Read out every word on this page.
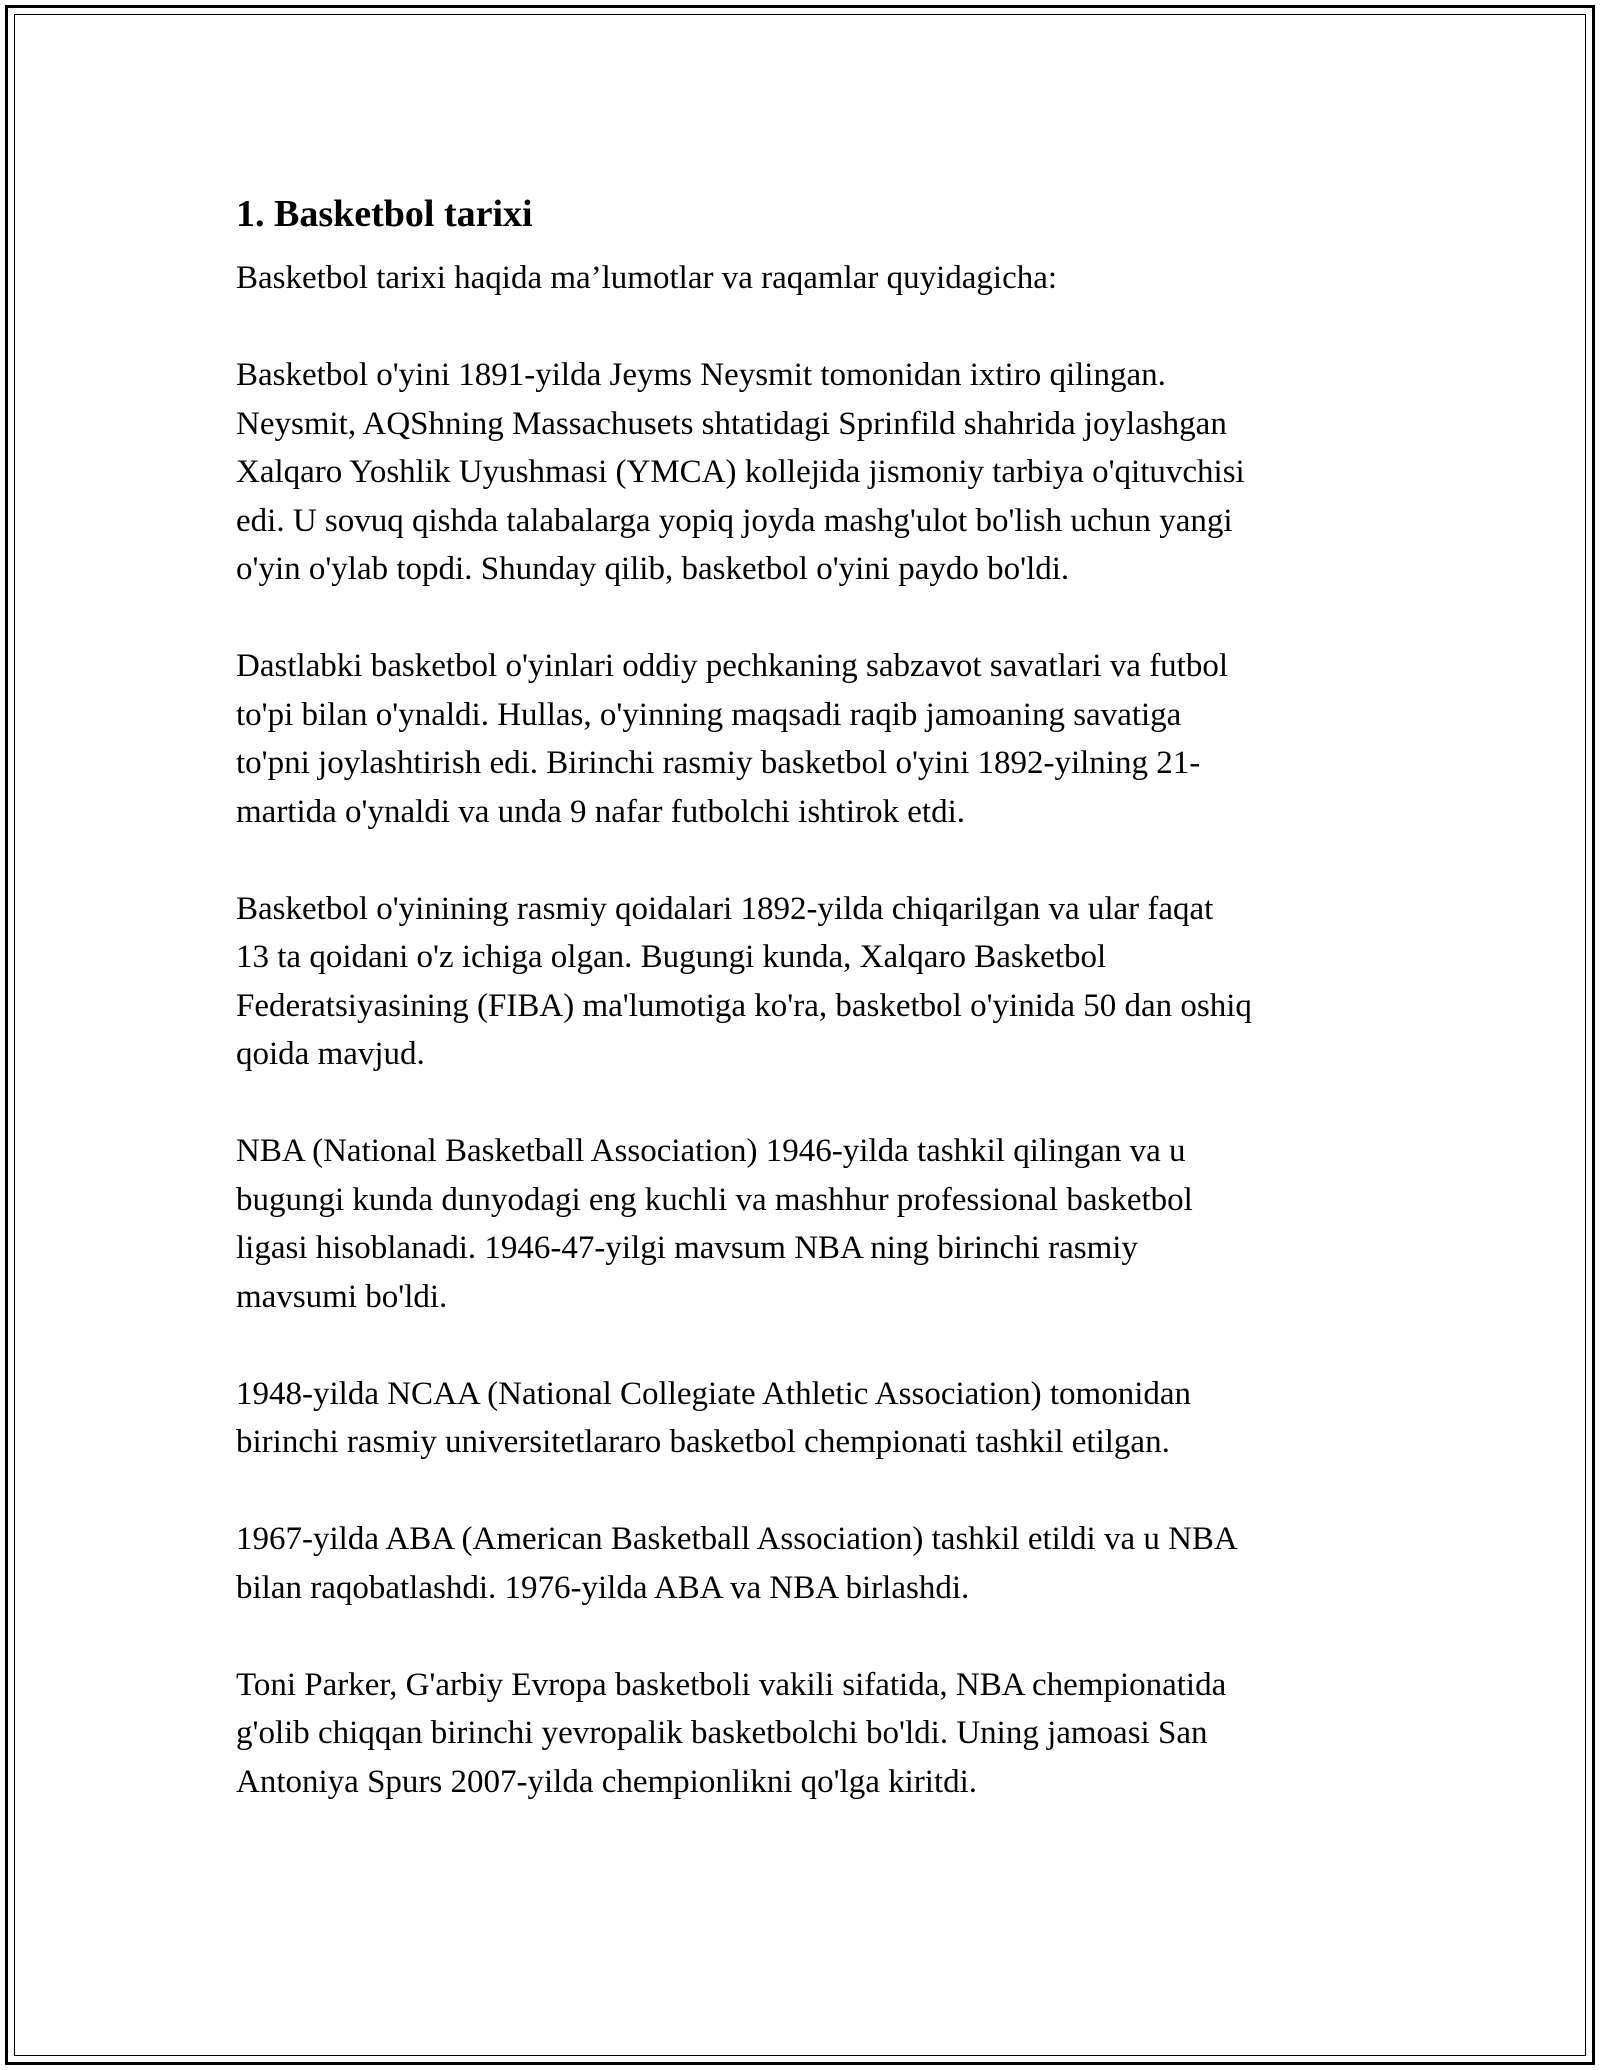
1. Basketbol tarixi

Basketbol tarixi haqida ma’lumotlar va raqamlar quyidagicha:

Basketbol o'yini 1891-yilda Jeyms Neysmit tomonidan ixtiro qilingan.
Neysmit, AQShning Massachusets shtatidagi Sprinfild shahrida joylashgan
Xalqaro Yoshlik Uyushmasi (YMCA) kollejida jismoniy tarbiya o'qituvchisi
edi. U sovuq qishda talabalarga yopiq joyda mashg'ulot bo'lish uchun yangi
o'yin o'ylab topdi. Shunday qilib, basketbol o'yini paydo bo'ldi.

Dastlabki basketbol o'yinlari oddiy pechkaning sabzavot savatlari va futbol
to'pi bilan o'ynaldi. Hullas, o'yinning maqsadi raqib jamoaning savatiga
to'pni joylashtirish edi. Birinchi rasmiy basketbol o'yini 1892-yilning 21-
martida o'ynaldi va unda 9 nafar futbolchi ishtirok etdi.

Basketbol o'yinining rasmiy qoidalari 1892-yilda chiqarilgan va ular faqat
13 ta qoidani o'z ichiga olgan. Bugungi kunda, Xalqaro Basketbol
Federatsiyasining (FIBA) ma'lumotiga ko'ra, basketbol o'yinida 50 dan oshiq
qoida mavjud.

NBA (National Basketball Association) 1946-yilda tashkil qilingan va u
bugungi kunda dunyodagi eng kuchli va mashhur professional basketbol
ligasi hisoblanadi. 1946-47-yilgi mavsum NBA ning birinchi rasmiy
mavsumi bo'ldi.

1948-yilda NCAA (National Collegiate Athletic Association) tomonidan
birinchi rasmiy universitetlararo basketbol chempionati tashkil etilgan.

1967-yilda ABA (American Basketball Association) tashkil etildi va u NBA
bilan raqobatlashdi. 1976-yilda ABA va NBA birlashdi.

Toni Parker, G'arbiy Evropa basketboli vakili sifatida, NBA chempionatida
g'olib chiqqan birinchi yevropalik basketbolchi bo'ldi. Uning jamoasi San
Antoniya Spurs 2007-yilda chempionlikni qo'lga kiritdi.
